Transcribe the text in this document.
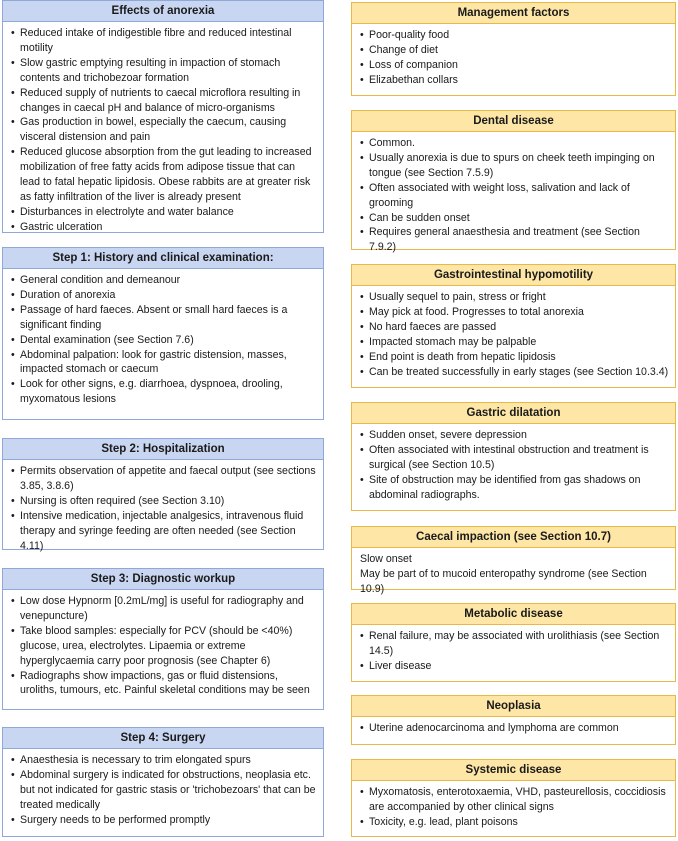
Effects of anorexia
• Reduced intake of indigestible fibre and reduced intestinal motility
• Slow gastric emptying resulting in impaction of stomach contents and trichobezoar formation
• Reduced supply of nutrients to caecal microflora resulting in changes in caecal pH and balance of micro-organisms
• Gas production in bowel, especially the caecum, causing visceral distension and pain
• Reduced glucose absorption from the gut leading to increased mobilization of free fatty acids from adipose tissue that can lead to fatal hepatic lipidosis. Obese rabbits are at greater risk as fatty infiltration of the liver is already present
• Disturbances in electrolyte and water balance
• Gastric ulceration
Step 1: History and clinical examination:
• General condition and demeanour
• Duration of anorexia
• Passage of hard faeces. Absent or small hard faeces is a significant finding
• Dental examination (see Section 7.6)
• Abdominal palpation: look for gastric distension, masses, impacted stomach or caecum
• Look for other signs, e.g. diarrhoea, dyspnoea, drooling, myxomatous lesions
Step 2: Hospitalization
• Permits observation of appetite and faecal output (see sections 3.85, 3.8.6)
• Nursing is often required (see Section 3.10)
• Intensive medication, injectable analgesics, intravenous fluid therapy and syringe feeding are often needed (see Section 4.11)
Step 3: Diagnostic workup
• Low dose Hypnorm [0.2mL/mg] is useful for radiography and venepuncture)
• Take blood samples: especially for PCV (should be <40%) glucose, urea, electrolytes. Lipaemia or extreme hyperglycaemia carry poor prognosis (see Chapter 6)
• Radiographs show impactions, gas or fluid distensions, uroliths, tumours, etc. Painful skeletal conditions may be seen
Step 4: Surgery
• Anaesthesia is necessary to trim elongated spurs
• Abdominal surgery is indicated for obstructions, neoplasia etc. but not indicated for gastric stasis or 'trichobezoars' that can be treated medically
• Surgery needs to be performed promptly
Management factors
• Poor-quality food
• Change of diet
• Loss of companion
• Elizabethan collars
Dental disease
• Common.
• Usually anorexia is due to spurs on cheek teeth impinging on tongue (see Section 7.5.9)
• Often associated with weight loss, salivation and lack of grooming
• Can be sudden onset
• Requires general anaesthesia and treatment (see Section 7.9.2)
Gastrointestinal hypomotility
• Usually sequel to pain, stress or fright
• May pick at food. Progresses to total anorexia
• No hard faeces are passed
• Impacted stomach may be palpable
• End point is death from hepatic lipidosis
• Can be treated successfully in early stages (see Section 10.3.4)
Gastric dilatation
• Sudden onset, severe depression
• Often associated with intestinal obstruction and treatment is surgical (see Section 10.5)
• Site of obstruction may be identified from gas shadows on abdominal radiographs.
Caecal impaction (see Section 10.7)
Slow onset
May be part of to mucoid enteropathy syndrome (see Section 10.9)
Metabolic disease
• Renal failure, may be associated with urolithiasis (see Section 14.5)
• Liver disease
Neoplasia
• Uterine adenocarcinoma and lymphoma are common
Systemic disease
• Myxomatosis, enterotoxaemia, VHD, pasteurellosis, coccidiosis are accompanied by other clinical signs
• Toxicity, e.g. lead, plant poisons
